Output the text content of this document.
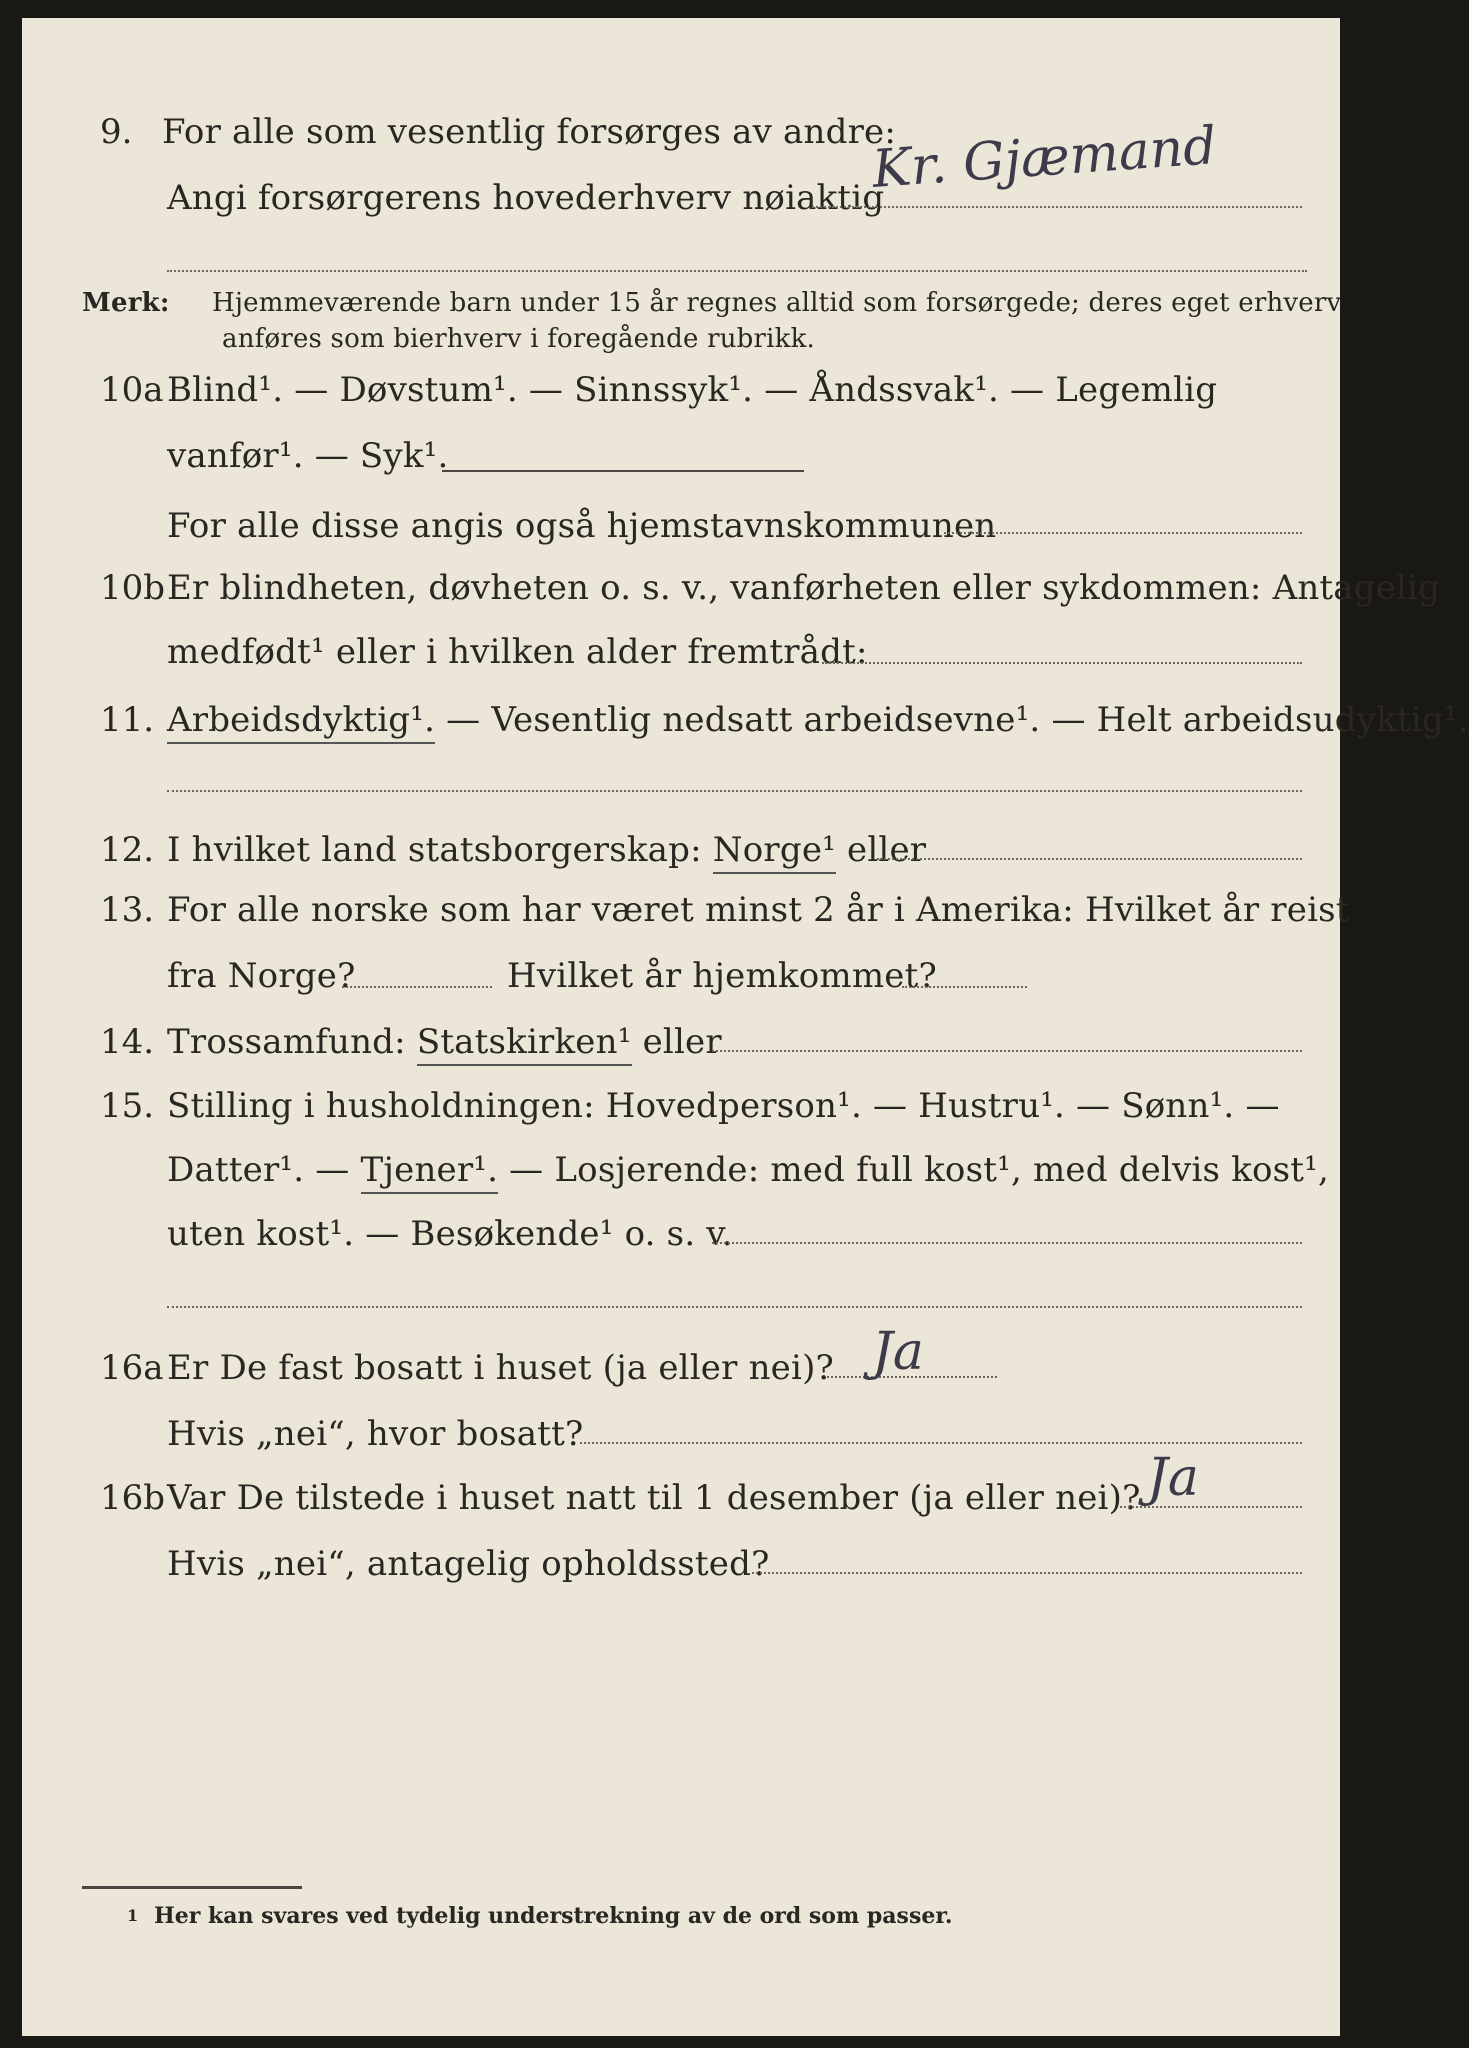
9. For alle som vesentlig forsørges av andre:
Angi forsørgerens hovederhverv nøiaktig
Kr. Gjæmand
Merk: Hjemmeværende barn under 15 år regnes alltid som forsørgede; deres eget erhverv
anføres som bierhverv i foregående rubrikk.
10a Blind¹. — Døvstum¹. — Sinnssyk¹. — Åndssvak¹. — Legemlig
vanfør¹. — Syk¹.
For alle disse angis også hjemstavnskommunen
10b Er blindheten, døvheten o. s. v., vanførheten eller sykdommen: Antagelig
medfødt¹ eller i hvilken alder fremtrådt:
11. Arbeidsdyktig¹. — Vesentlig nedsatt arbeidsevne¹. — Helt arbeidsudyktig¹.
12. I hvilket land statsborgerskap: Norge¹ eller
13. For alle norske som har været minst 2 år i Amerika: Hvilket år reist
fra Norge?	Hvilket år hjemkommet?
14. Trossamfund: Statskirken¹ eller
15. Stilling i husholdningen: Hovedperson¹. — Hustru¹. — Sønn¹. —
Datter¹. — Tjener¹. — Losjerende: med full kost¹, med delvis kost¹,
uten kost¹. — Besøkende¹ o. s. v.
16a Er De fast bosatt i huset (ja eller nei)? Ja
Hvis „nei“, hvor bosatt?
16b Var De tilstede i huset natt til 1 desember (ja eller nei)? Ja
Hvis „nei“, antagelig opholdssted?
1 Her kan svares ved tydelig understrekning av de ord som passer.
